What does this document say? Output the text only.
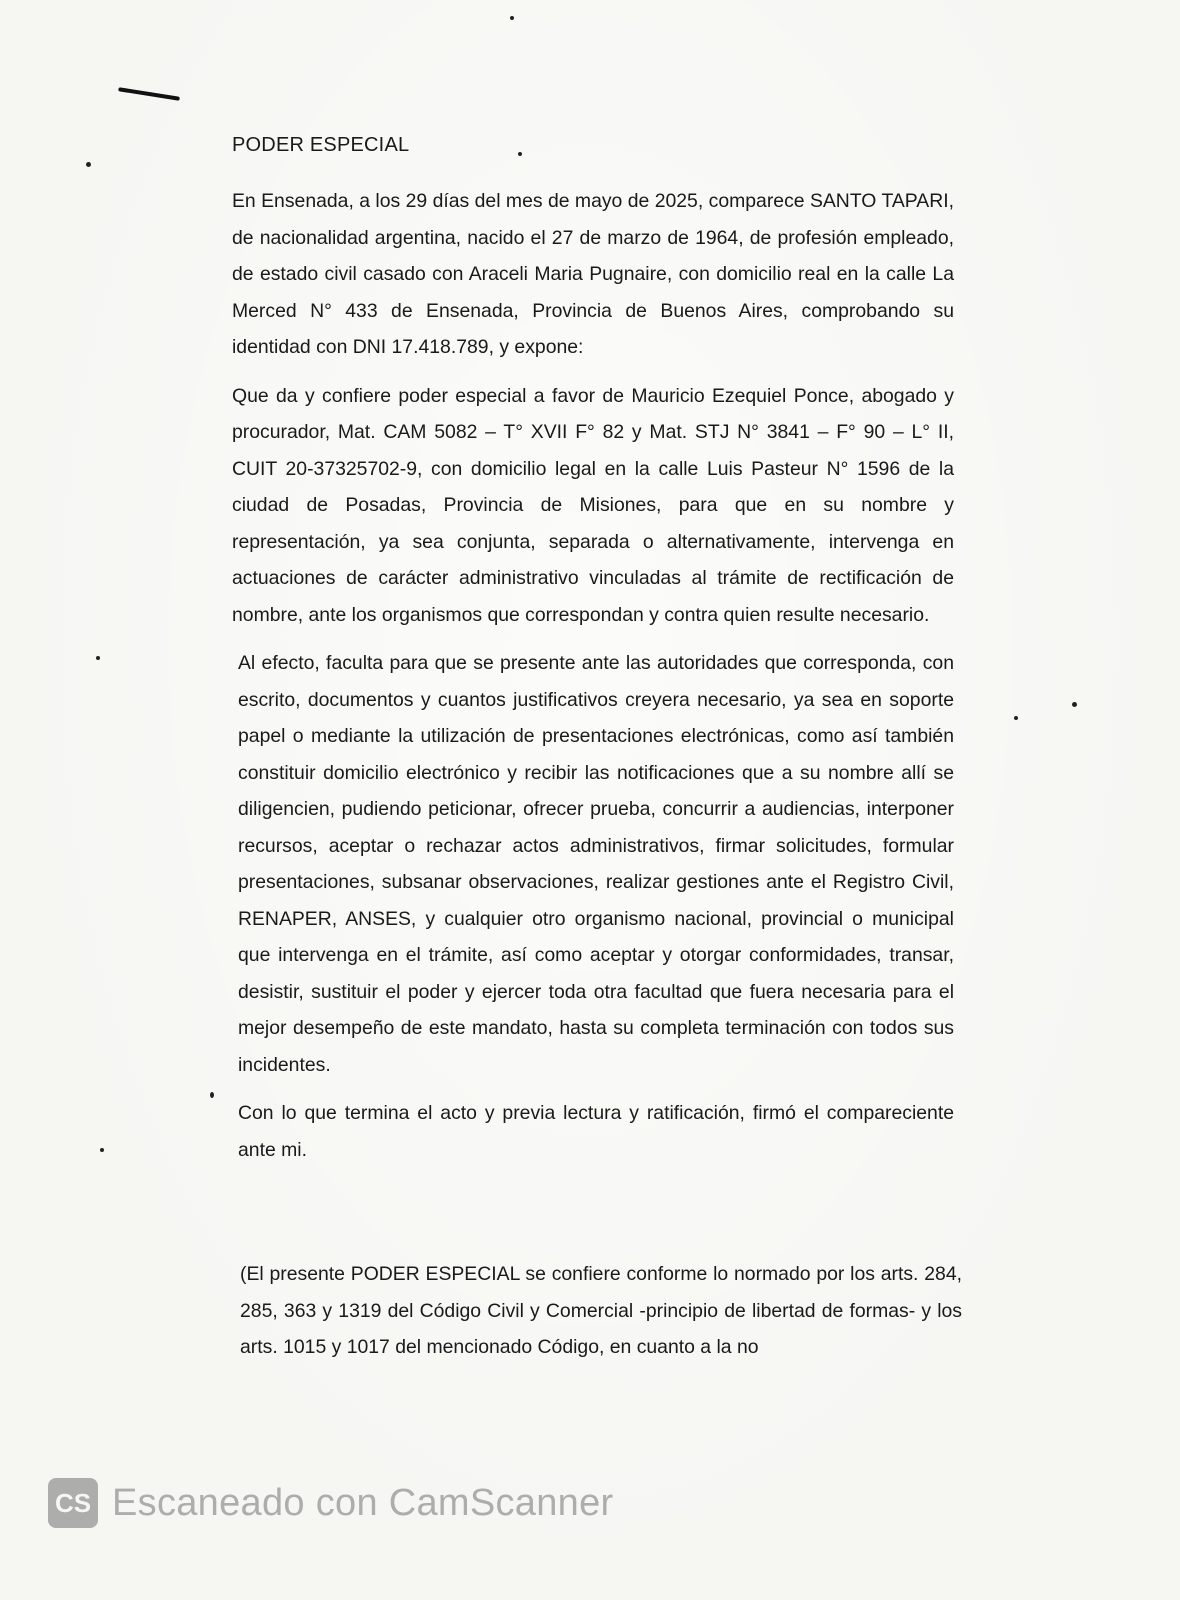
PODER ESPECIAL

En Ensenada, a los 29 días del mes de mayo de 2025, comparece SANTO TAPARI, de nacionalidad argentina, nacido el 27 de marzo de 1964, de profesión empleado, de estado civil casado con Araceli Maria Pugnaire, con domicilio real en la calle La Merced N° 433 de Ensenada, Provincia de Buenos Aires, comprobando su identidad con DNI 17.418.789, y expone:

Que da y confiere poder especial a favor de Mauricio Ezequiel Ponce, abogado y procurador, Mat. CAM 5082 – T° XVII F° 82 y Mat. STJ N° 3841 – F° 90 – L° II, CUIT 20-37325702-9, con domicilio legal en la calle Luis Pasteur N° 1596 de la ciudad de Posadas, Provincia de Misiones, para que en su nombre y representación, ya sea conjunta, separada o alternativamente, intervenga en actuaciones de carácter administrativo vinculadas al trámite de rectificación de nombre, ante los organismos que correspondan y contra quien resulte necesario.

Al efecto, faculta para que se presente ante las autoridades que corresponda, con escrito, documentos y cuantos justificativos creyera necesario, ya sea en soporte papel o mediante la utilización de presentaciones electrónicas, como así también constituir domicilio electrónico y recibir las notificaciones que a su nombre allí se diligencien, pudiendo peticionar, ofrecer prueba, concurrir a audiencias, interponer recursos, aceptar o rechazar actos administrativos, firmar solicitudes, formular presentaciones, subsanar observaciones, realizar gestiones ante el Registro Civil, RENAPER, ANSES, y cualquier otro organismo nacional, provincial o municipal que intervenga en el trámite, así como aceptar y otorgar conformidades, transar, desistir, sustituir el poder y ejercer toda otra facultad que fuera necesaria para el mejor desempeño de este mandato, hasta su completa terminación con todos sus incidentes.

Con lo que termina el acto y previa lectura y ratificación, firmó el compareciente ante mi.

(El presente PODER ESPECIAL se confiere conforme lo normado por los arts. 284, 285, 363 y 1319 del Código Civil y Comercial -principio de libertad de formas- y los arts. 1015 y 1017 del mencionado Código, en cuanto a la no

CS Escaneado con CamScanner
